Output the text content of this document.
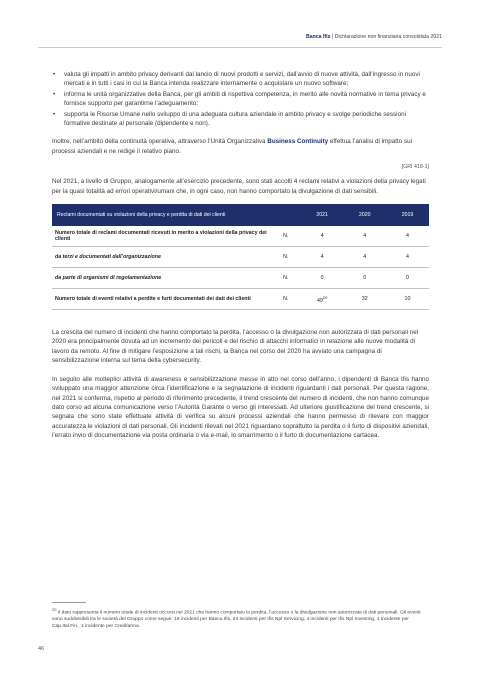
Banca Ifis | Dichiarazione non finanziaria consolidata 2021
• valuta gli impatti in ambito privacy derivanti dal lancio di nuovi prodotti e servizi, dall’avvio di nuove attività, dall’ingresso in nuovi mercati e in tutti i casi in cui la Banca intenda realizzare internamente o acquistare un nuovo software;
• informa le unità organizzative della Banca, per gli ambiti di rispettiva competenza, in merito alle novità normative in tema privacy e fornisce supporto per garantirne l’adeguamento;
• supporta le Risorse Umane nello sviluppo di una adeguata cultura aziendale in ambito privacy e svolge periodiche sessioni formative destinate al personale (dipendente e non).

Inoltre, nell’ambito della continuità operativa, attraverso l’Unità Organizzativa Business Continuity effettua l’analisi di impatto sui processi aziendali e ne redige il relativo piano.

[GRI 418-1]

Nel 2021, a livello di Gruppo, analogamente all’esercizio precedente, sono stati accolti 4 reclami relativi a violazioni della privacy legati per la quasi totalità ad errori operativi/umani che, in ogni caso, non hanno comportato la divulgazione di dati sensibili.

Reclami documentati su violazioni della privacy e perdita di dati dei clienti		2021	2020	2019
Numero totale di reclami documentati ricevuti in merito a violazioni della privacy dei clienti	N.	4	4	4
da terzi e documentati dall’organizzazione	N.	4	4	4
da parte di organismi di regolamentazione	N.	0	0	0
Numero totale di eventi relativi a perdite e furti documentati dei dati dei clienti	N.	$49^{20}$	32	10

La crescita del numero di incidenti che hanno comportato la perdita, l’accesso o la divulgazione non autorizzata di dati personali nel 2020 era principalmente dovuta ad un incremento dei pericoli e del rischio di attacchi informatici in relazione alle nuove modalità di lavoro da remoto. Al fine di mitigare l’esposizione a tali rischi, la Banca nel corso del 2020 ha avviato una campagna di sensibilizzazione interna sul tema della cybersecurity.

In seguito alle molteplici attività di awareness e sensibilizzazione messe in atto nel corso dell’anno, i dipendenti di Banca Ifis hanno sviluppato una maggior attenzione circa l’identificazione e la segnalazione di incidenti riguardanti i dati personali. Per questa ragione, nel 2021 si conferma, rispetto al periodo di riferimento precedente, il trend crescente del numero di incidenti, che non hanno comunque dato corso ad alcuna comunicazione verso l’Autorità Garante o verso gli interessati. Ad ulteriore giustificazione del trend crescente, si segnala che sono state effettuate attività di verifica su alcuni processi aziendali che hanno permesso di rilevare con maggior accuratezza le violazioni di dati personali. Gli incidenti rilevati nel 2021 riguardano soprattutto la perdita o il furto di dispositivi aziendali, l’errato invio di documentazione via posta ordinaria o via e-mail, lo smarrimento o il furto di documentazione cartacea.

$^{20}$ Il dato rappresenta il numero totale di incidenti occorsi nel 2021 che hanno comportato la perdita, l’accesso o la divulgazione non autorizzata di dati personali. Gli eventi sono suddivisibili tra le società del Gruppo come segue: 19 incidenti per Banca Ifis, 24 incidenti per Ifis Npl Servicing, 4 incidenti per Ifis Npl Investing, 1 incidente per Cap.Ital.Fin., 1 incidente per Credifarma.
46
